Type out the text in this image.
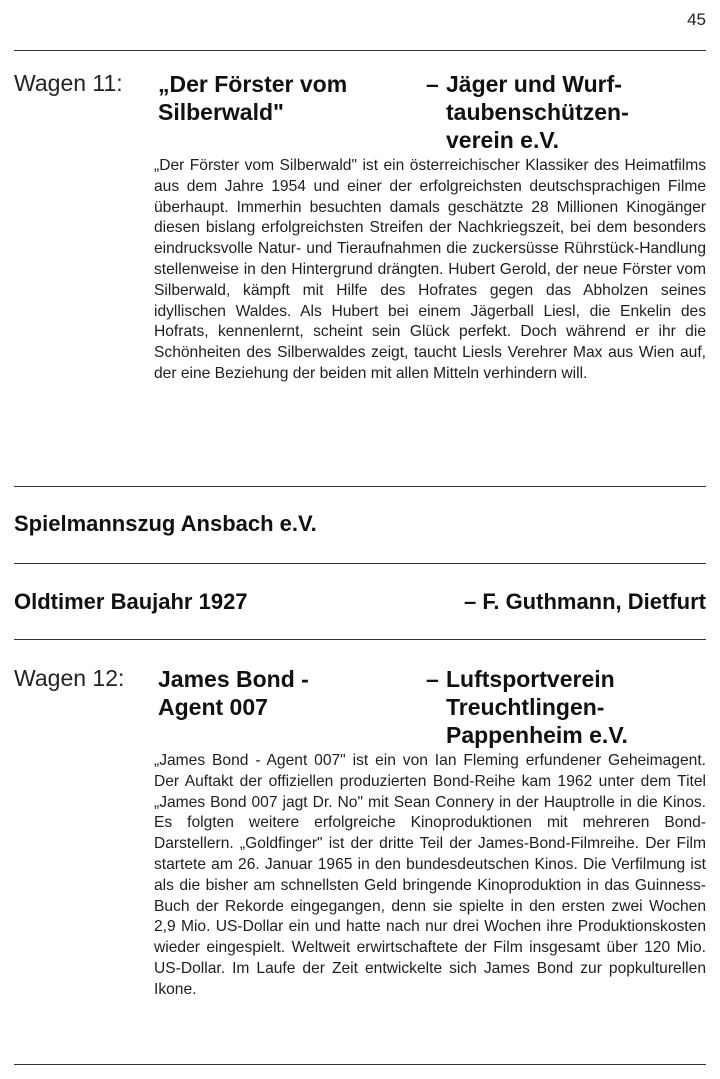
45
Wagen 11: „Der Förster vom
Silberwald"
– Jäger und Wurf-
taubenschützen-
verein e.V.
„Der Förster vom Silberwald" ist ein österreichischer Klassiker des Heimatfilms aus dem Jahre 1954 und einer der erfolgreichsten deutschsprachigen Filme überhaupt. Immerhin besuchten damals geschätzte 28 Millionen Kinogänger diesen bislang erfolgreichsten Streifen der Nachkriegszeit, bei dem besonders eindrucksvolle Natur- und Tieraufnahmen die zuckersüsse Rührstück-Handlung stellenweise in den Hintergrund drängten. Hubert Gerold, der neue Förster vom Silberwald, kämpft mit Hilfe des Hofrates gegen das Abholzen seines idyllischen Waldes. Als Hubert bei einem Jägerball Liesl, die Enkelin des Hofrats, kennenlernt, scheint sein Glück perfekt. Doch während er ihr die Schönheiten des Silberwaldes zeigt, taucht Liesls Verehrer Max aus Wien auf, der eine Beziehung der beiden mit allen Mitteln verhindern will.
Spielmannszug Ansbach e.V.
Oldtimer Baujahr 1927	– F. Guthmann, Dietfurt
Wagen 12: James Bond -
Agent 007
– Luftsportverein
Treuchtlingen-
Pappenheim e.V.
„James Bond - Agent 007" ist ein von Ian Fleming erfundener Geheimagent. Der Auftakt der offiziellen produzierten Bond-Reihe kam 1962 unter dem Titel „James Bond 007 jagt Dr. No" mit Sean Connery in der Hauptrolle in die Kinos. Es folgten weitere erfolgreiche Kinoproduktionen mit mehreren Bond-Darstellern. „Goldfinger" ist der dritte Teil der James-Bond-Filmreihe. Der Film startete am 26. Januar 1965 in den bundesdeutschen Kinos. Die Verfilmung ist als die bisher am schnellsten Geld bringende Kinoproduktion in das Guinness-Buch der Rekorde eingegangen, denn sie spielte in den ersten zwei Wochen 2,9 Mio. US-Dollar ein und hatte nach nur drei Wochen ihre Produktionskosten wieder eingespielt. Weltweit erwirtschaftete der Film insgesamt über 120 Mio. US-Dollar. Im Laufe der Zeit entwickelte sich James Bond zur popkulturellen Ikone.
